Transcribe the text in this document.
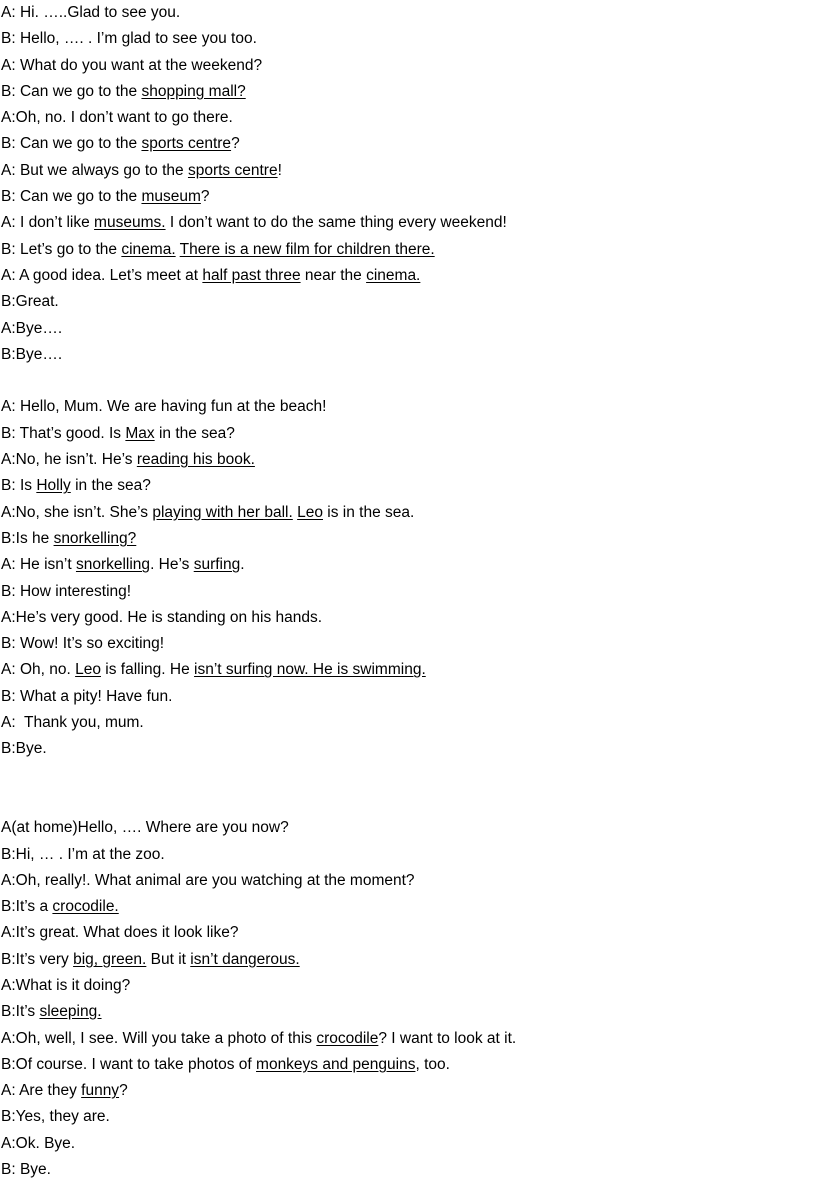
A: Hi. …..Glad to see you.
B: Hello, …. . I’m glad to see you too.
A: What do you want at the weekend?
B: Can we go to the shopping mall?
A:Oh, no. I don’t want to go there.
B: Can we go to the sports centre?
A: But we always go to the sports centre!
B: Can we go to the museum?
A: I don’t like museums. I don’t want to do the same thing every weekend!
B: Let’s go to the cinema. There is a new film for children there.
A: A good idea. Let’s meet at half past three near the cinema.
B:Great.
A:Bye….
B:Bye….
A: Hello, Mum. We are having fun at the beach!
B: That’s good. Is Max in the sea?
A:No, he isn’t. He’s reading his book.
B: Is Holly in the sea?
A:No, she isn’t. She’s playing with her ball. Leo is in the sea.
B:Is he snorkelling?
A: He isn’t snorkelling. He’s surfing.
B: How interesting!
A:He’s very good. He is standing on his hands.
B: Wow! It’s so exciting!
A: Oh, no. Leo is falling. He isn’t surfing now. He is swimming.
B: What a pity! Have fun.
A:  Thank you, mum.
B:Bye.
A(at home)Hello, …. Where are you now?
B:Hi, … . I’m at the zoo.
A:Oh, really!. What animal are you watching at the moment?
B:It’s a crocodile.
A:It’s great. What does it look like?
B:It’s very big, green. But it isn’t dangerous.
A:What is it doing?
B:It’s sleeping.
A:Oh, well, I see. Will you take a photo of this crocodile? I want to look at it.
B:Of course. I want to take photos of monkeys and penguins, too.
A: Are they funny?
B:Yes, they are.
A:Ok. Bye.
B: Bye.
